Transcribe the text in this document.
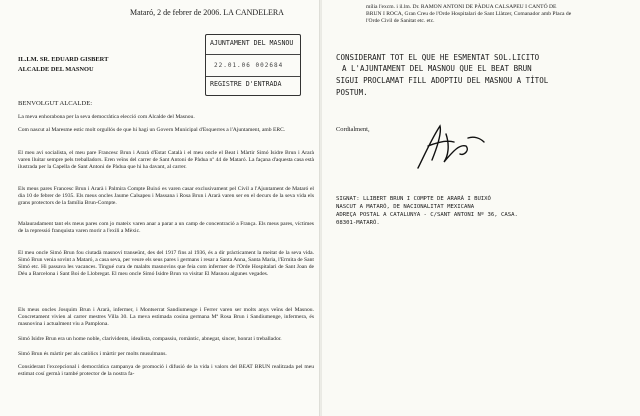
Mataró, 2 de febrer de 2006. LA CANDELERA
IL.LM. SR. EDUARD GISBERT
ALCALDE DEL MASNOU
AJUNTAMENT DEL MASNOU
22.01.06 002684
REGISTRE D'ENTRADA
BENVOLGUT ALCALDE:
La meva enhorabona per la seva democràtica elecció com Alcalde del Masnou.
Com nascut al Maresme estic molt orgullós de que hi hagi un Govern Municipal d'Esquerres a l'Ajuntament, amb ERC.
El meu avi socialista, el meu pare Francesc Brun i Ararà d'Estat Català i el meu oncle el Beat i Màrtir Simó Isidre Brun i Ararà varen lluitar sempre pels treballadors. Eren veïns del carrer de Sant Antoni de Pàdua nº 44 de Mataró. La façana d'aquesta casa està ilustrada per la Capella de Sant Antoni de Pàdua que hi ha davant, al carrer.
Els meus pares Francesc Brun i Ararà i Palmira Compte Buixó es varen casar exclusivament pel Civil a l'Ajuntament de Mataró el dia 10 de febrer de 1935. Els meus oncles Jaume Calsapeu i Massana i Rosa Brun i Ararà varen ser en el decurs de la seva vida els grans protectors de la família Brun-Compte.
Malauradament tant els meus pares com jo mateix varen anar a parar a un camp de concentració a França. Els meus pares, víctimes de la repressió franquista varen morir a l'exili a Mèxic.
El meu oncle Simó Brun fou ciutadà masnoví transeünt, des del 1917 fins al 1936, és a dir pràcticament la meitat de la seva vida. Simó Brun venia sovint a Mataró, a casa seva, per veure els seus pares i germans i resar a Santa Anna, Santa Maria, l'Ermita de Sant Simó etc. Hi passava les vacances. Tingué cura de malalts masnovins que feia com infermer de l'Orde Hospitalari de Sant Joan de Déu a Barcelona i Sant Boi de Llobregat. El meu oncle Simó Isidre Brun va visitar El Masnou algunes vegades.
Els meus oncles Josquim Brun i Ararà, infermer, i Montserrat Sandiumenge i Ferrer varen ser molts anys veïns del Masnou. Concretament vivien al carrer mestres Villa 30. La meva estimada cosina germana Mª Rosa Brun i Sandiumenge, infermera, és masnovina i actualment viu a Pamplona.
Simó Isidre Brun era un home noble, clarividents, idealista, compassiu, romàntic, abnegat, sincer, honrat i treballador.
Simó Brun és màrtir per als catòlics i màrtir per molts musulmans.
Considerant l'excepcional i democràtica campanya de promoció i difusió de la vida i valors del BEAT BRUN realitzada pel meu estimat cosí germà i també protector de la nostra fa-
mília l'excm. i il.lm. Dr. RAMON ANTONI DE PÀDUA CALSAPEU I CANTÓ DE
BRUN I ROCA, Gran Creu de l'Orde Hospitalari de Sant Llàtzer, Comanador amb Placa de
l'Orde Civil de Sanitat etc. etc.
CONSIDERANT TOT EL QUE HE ESMENTAT SOL.LICITO
A L'AJUNTAMENT DEL MASNOU QUE EL BEAT BRUN
SIGUI PROCLAMAT FILL ADOPTIU DEL MASNOU A TÍTOL
POSTUM.
Cordialment,
SIGNAT: LLIBERT BRUN I COMPTE DE ARARÀ I BUIXÓ
NASCUT A MATARÓ, DE NACIONALITAT MEXICANA
ADREÇA POSTAL A CATALUNYA - C/SANT ANTONI Nº 36, CASA.
08301-MATARÓ.
